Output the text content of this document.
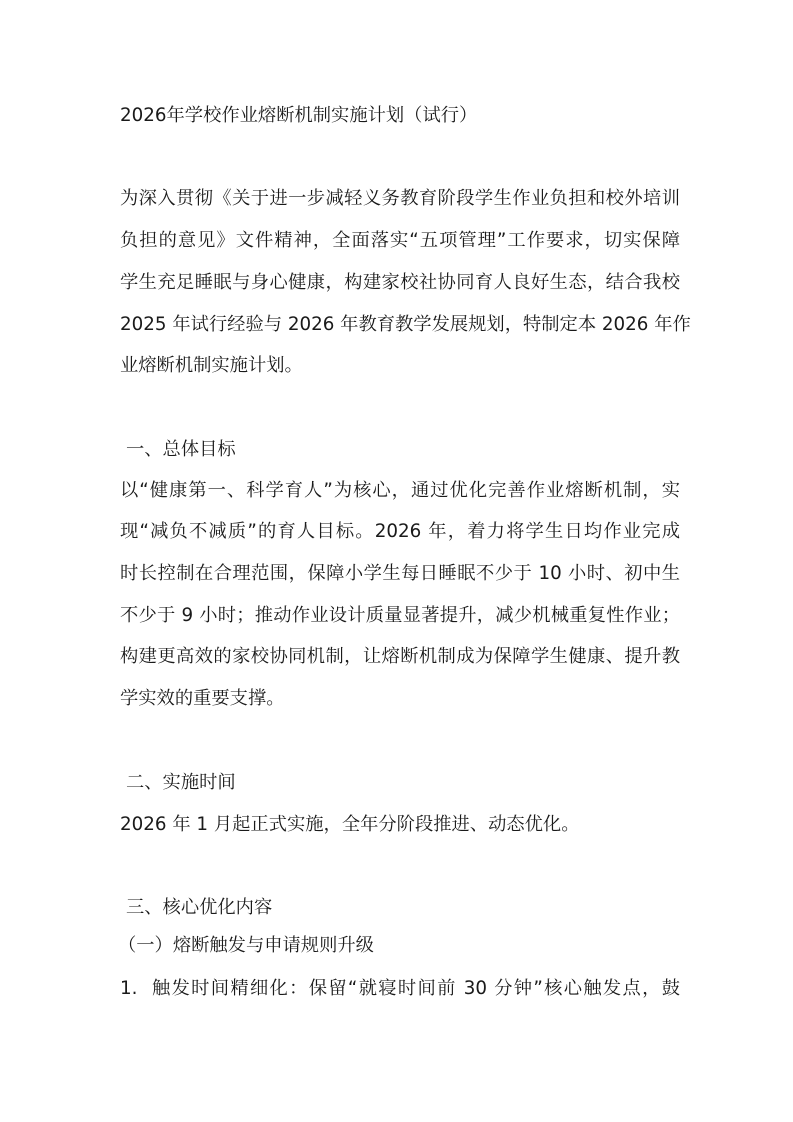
2026年学校作业熔断机制实施计划（试行）
为深入贯彻《关于进一步减轻义务教育阶段学生作业负担和校外培训
负担的意见》文件精神，全面落实“五项管理”工作要求，切实保障
学生充足睡眠与身心健康，构建家校社协同育人良好生态，结合我校
2025 年试行经验与 2026 年教育教学发展规划，特制定本 2026 年作
业熔断机制实施计划。
一、总体目标
以“健康第一、科学育人”为核心，通过优化完善作业熔断机制，实
现“减负不减质”的育人目标。2026 年，着力将学生日均作业完成
时长控制在合理范围，保障小学生每日睡眠不少于 10 小时、初中生
不少于 9 小时；推动作业设计质量显著提升，减少机械重复性作业；
构建更高效的家校协同机制，让熔断机制成为保障学生健康、提升教
学实效的重要支撑。
二、实施时间
2026 年 1 月起正式实施，全年分阶段推进、动态优化。
三、核心优化内容
（一）熔断触发与申请规则升级
1. 触发时间精细化：保留“就寝时间前 30 分钟”核心触发点，鼓
